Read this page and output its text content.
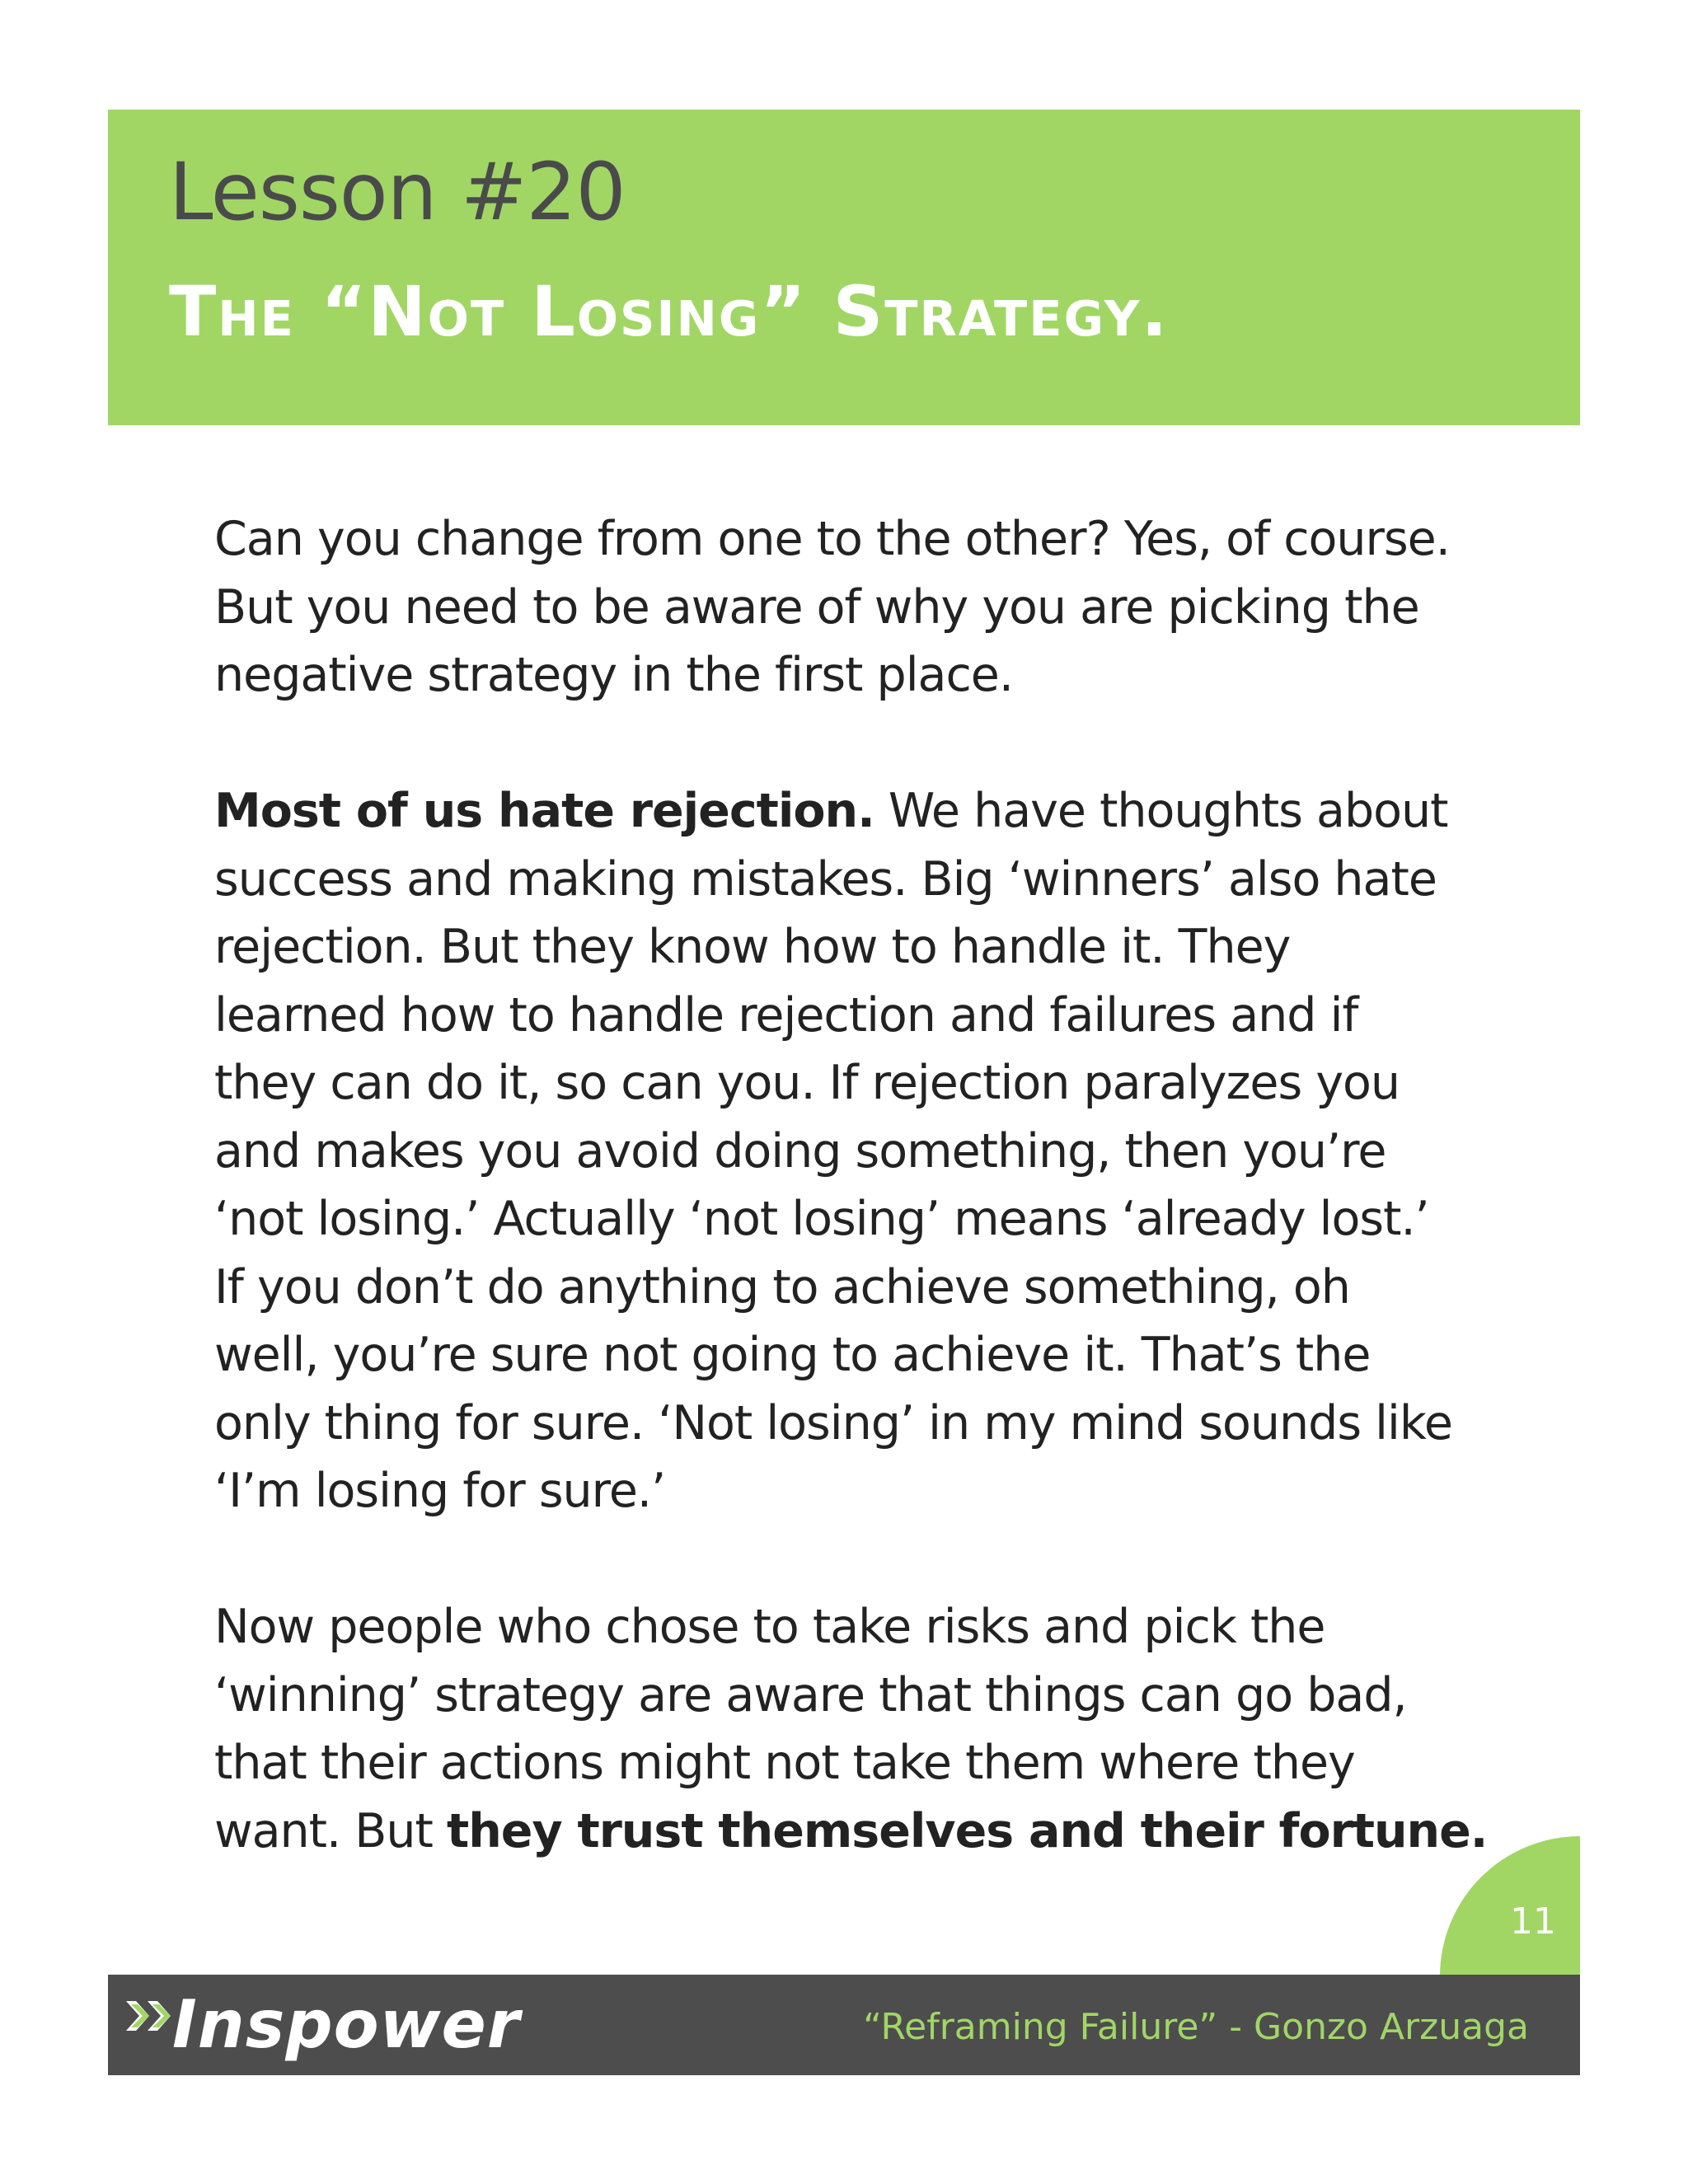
Lesson #20
The “Not Losing” Strategy.
Can you change from one to the other? Yes, of course.
But you need to be aware of why you are picking the
negative strategy in the first place.
Most of us hate rejection. We have thoughts about
success and making mistakes. Big ‘winners’ also hate
rejection. But they know how to handle it. They
learned how to handle rejection and failures and if
they can do it, so can you. If rejection paralyzes you
and makes you avoid doing something, then you’re
‘not losing.’ Actually ‘not losing’ means ‘already lost.’
If you don’t do anything to achieve something, oh
well, you’re sure not going to achieve it. That’s the
only thing for sure. ‘Not losing’ in my mind sounds like
‘I’m losing for sure.’
Now people who chose to take risks and pick the
‘winning’ strategy are aware that things can go bad,
that their actions might not take them where they
want. But they trust themselves and their fortune.
11
Inspower	“Reframing Failure” - Gonzo Arzuaga
